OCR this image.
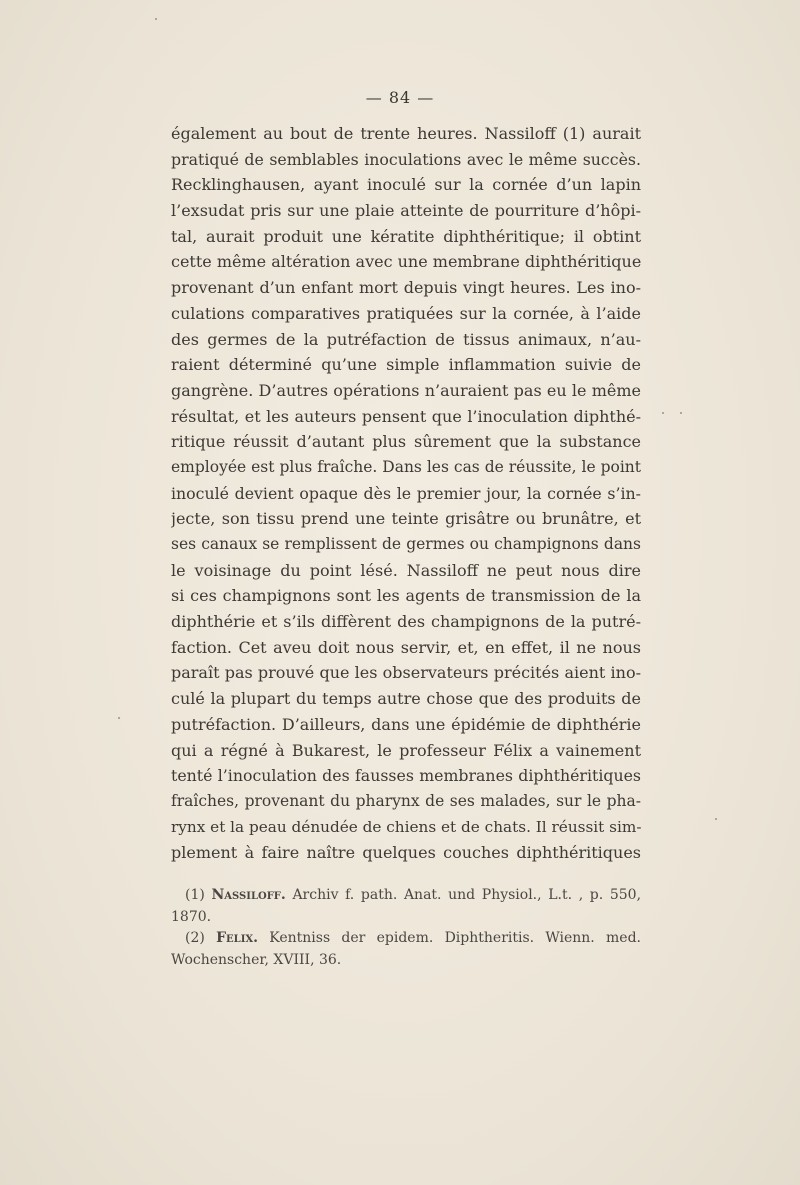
— 84 —
également au bout de trente heures. Nassiloff (1) aurait
pratiqué de semblables inoculations avec le même succès.
Recklinghausen, ayant inoculé sur la cornée d’un lapin
l’exsudat pris sur une plaie atteinte de pourriture d’hôpi-
tal, aurait produit une kératite diphthéritique; il obtint
cette même altération avec une membrane diphthéritique
provenant d’un enfant mort depuis vingt heures. Les ino-
culations comparatives pratiquées sur la cornée, à l’aide
des germes de la putréfaction de tissus animaux, n’au-
raient déterminé qu’une simple inflammation suivie de
gangrène. D’autres opérations n’auraient pas eu le même
résultat, et les auteurs pensent que l’inoculation diphthé-
ritique réussit d’autant plus sûrement que la substance
employée est plus fraîche. Dans les cas de réussite, le point
inoculé devient opaque dès le premier jour, la cornée s’in-
jecte, son tissu prend une teinte grisâtre ou brunâtre, et
ses canaux se remplissent de germes ou champignons dans
le voisinage du point lésé. Nassiloff ne peut nous dire
si ces champignons sont les agents de transmission de la
diphthérie et s’ils diffèrent des champignons de la putré-
faction. Cet aveu doit nous servir, et, en effet, il ne nous
paraît pas prouvé que les observateurs précités aient ino-
culé la plupart du temps autre chose que des produits de
putréfaction. D’ailleurs, dans une épidémie de diphthérie
qui a régné à Bukarest, le professeur Félix a vainement
tenté l’inoculation des fausses membranes diphthéritiques
fraîches, provenant du pharynx de ses malades, sur le pha-
rynx et la peau dénudée de chiens et de chats. Il réussit sim-
plement à faire naître quelques couches diphthéritiques
(1) Nassiloff. Archiv f. path. Anat. und Physiol., L.t. , p. 550,
1870.
(2) Felix. Kentniss der epidem. Diphtheritis. Wienn. med.
Wochenscher, XVIII, 36.
